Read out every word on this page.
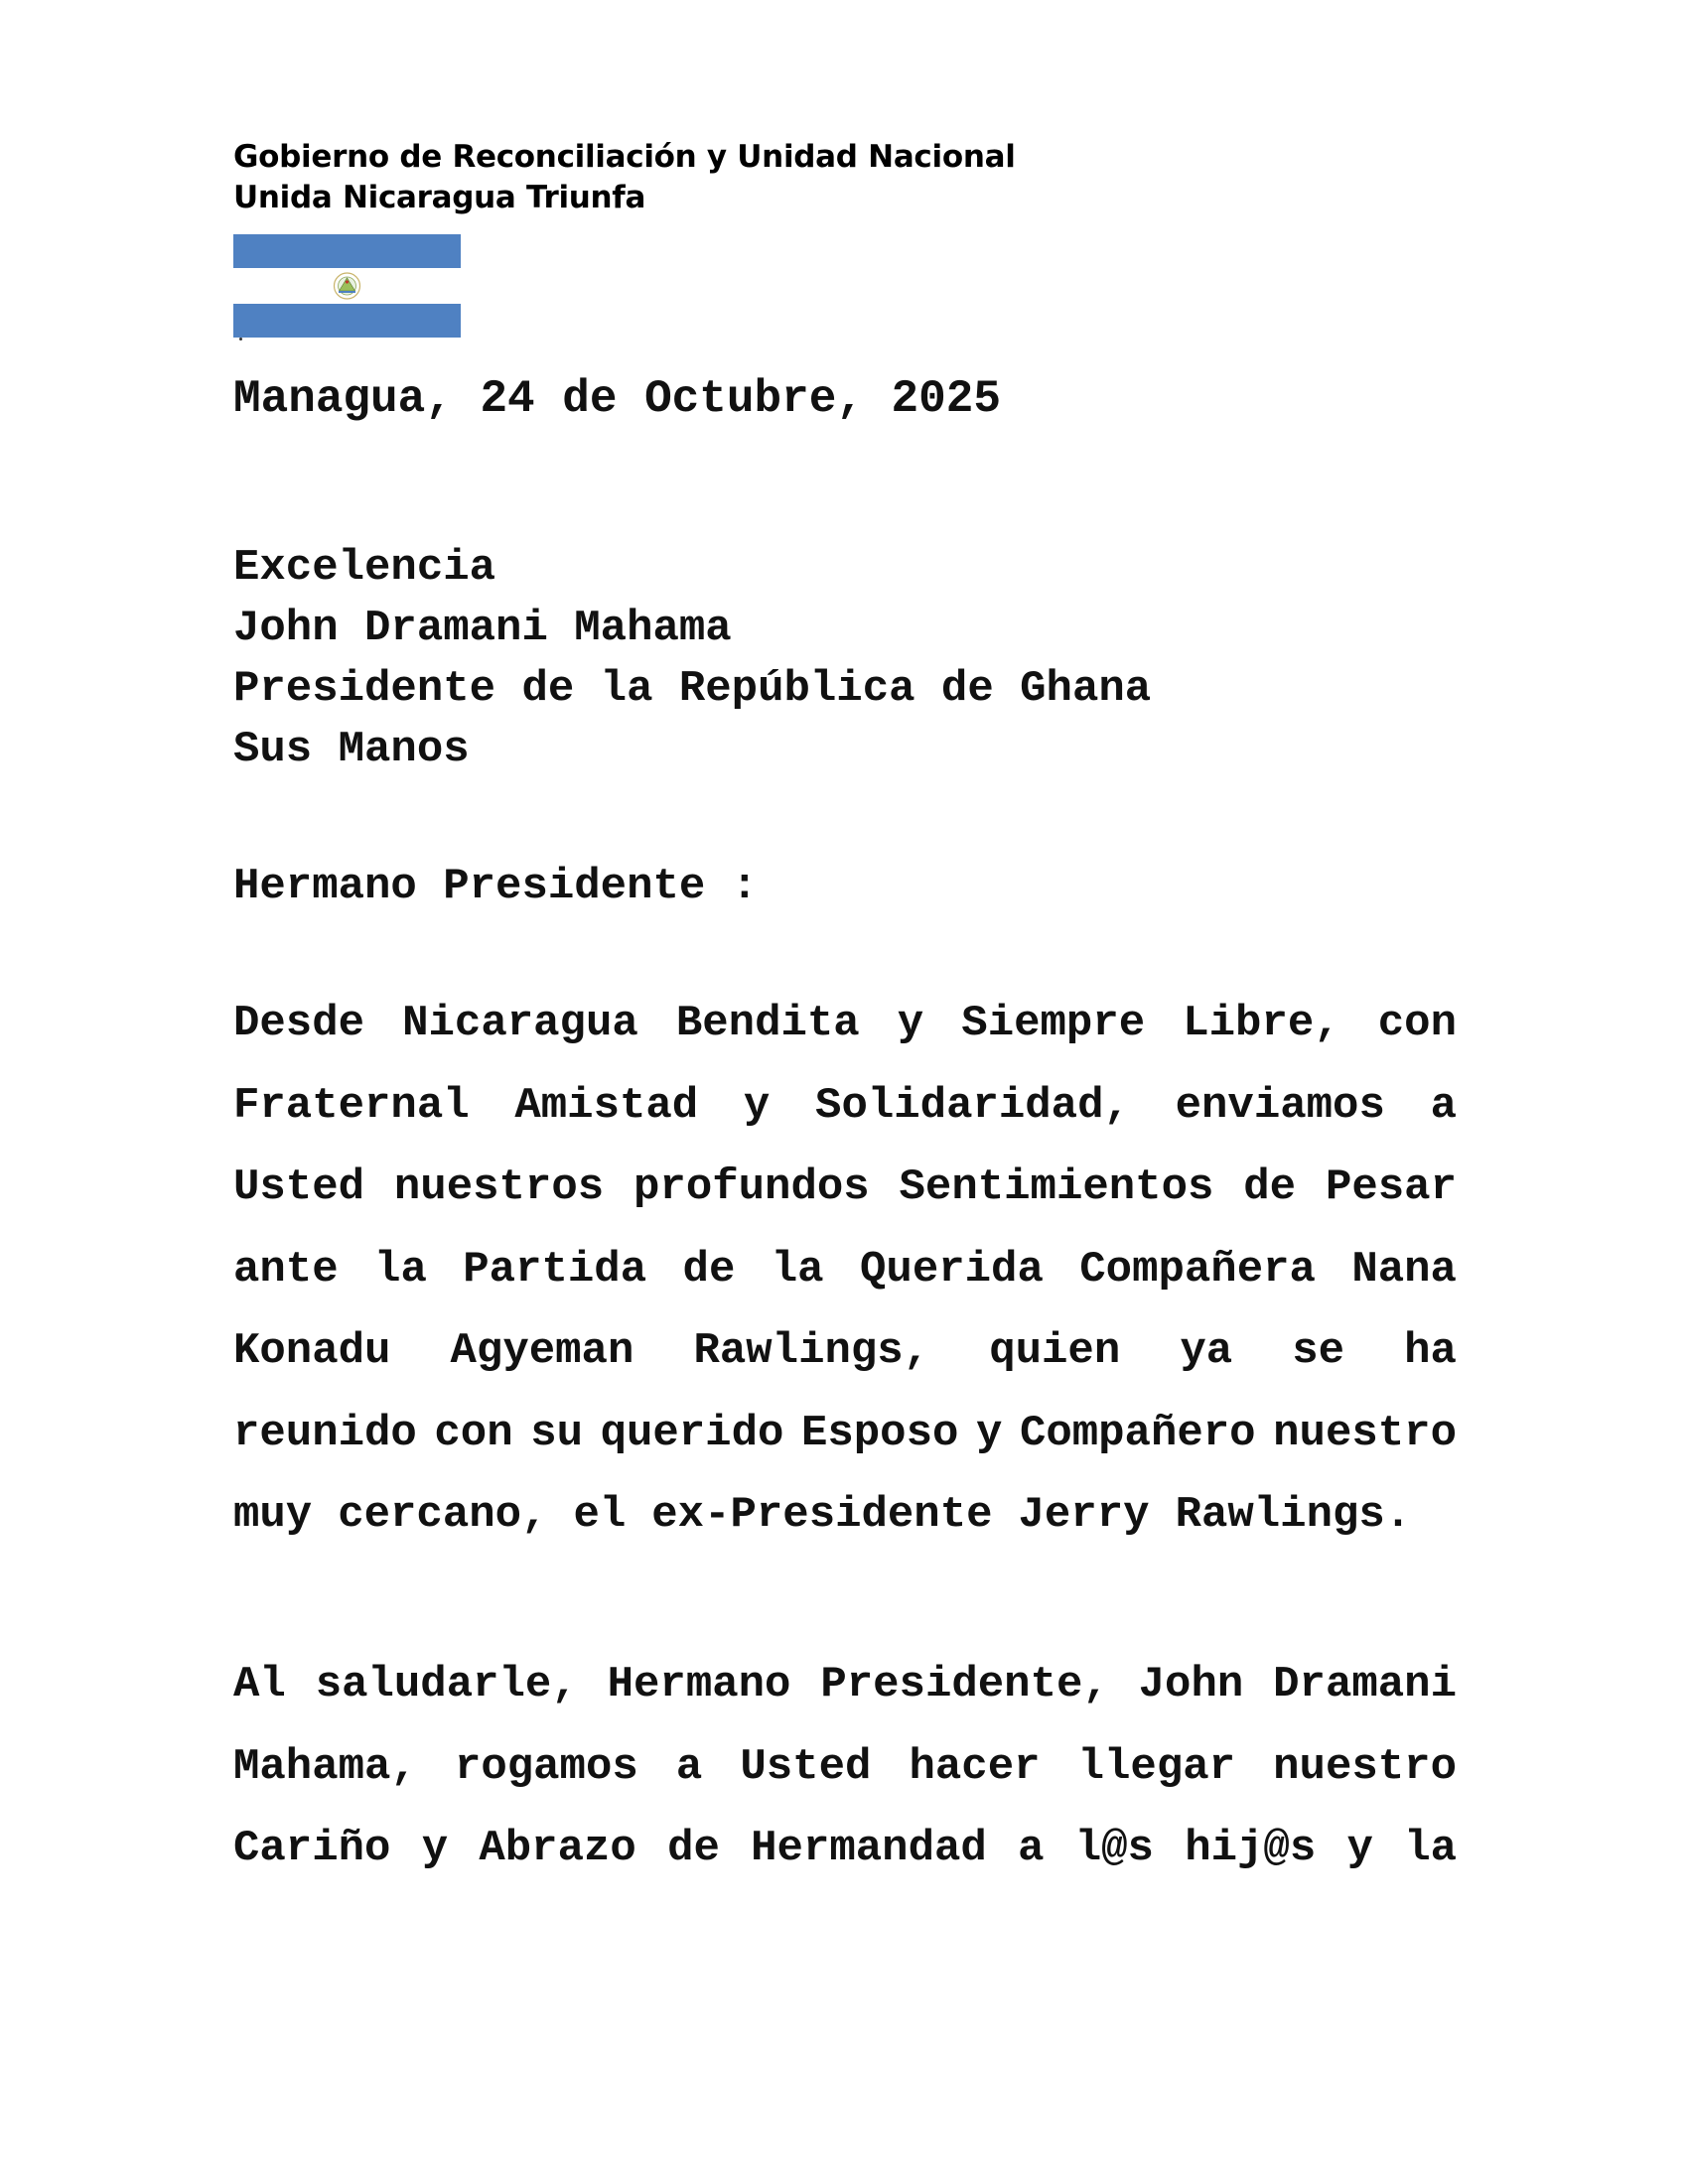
Gobierno de Reconciliación y Unidad Nacional
Unida Nicaragua Triunfa
Managua, 24 de Octubre, 2025
Excelencia
John Dramani Mahama
Presidente de la República de Ghana
Sus Manos
Hermano Presidente :
Desde Nicaragua Bendita y Siempre Libre, con
Fraternal Amistad y Solidaridad, enviamos a
Usted nuestros profundos Sentimientos de Pesar
ante la Partida de la Querida Compañera Nana
Konadu Agyeman Rawlings, quien ya se ha
reunido con su querido Esposo y Compañero nuestro
muy cercano, el ex-Presidente Jerry Rawlings.
Al saludarle, Hermano Presidente, John Dramani
Mahama, rogamos a Usted hacer llegar nuestro
Cariño y Abrazo de Hermandad a l@s hij@s y la
